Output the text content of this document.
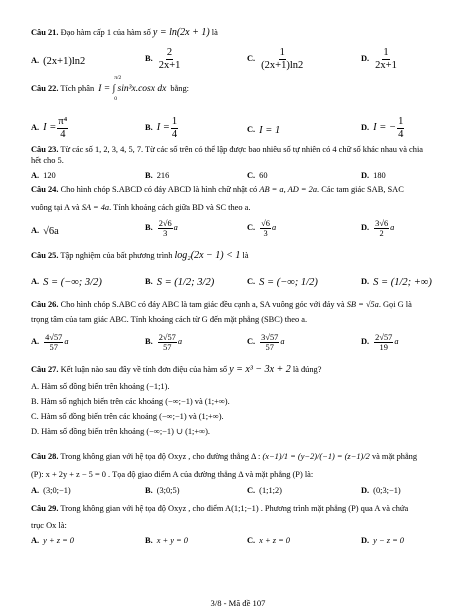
Câu 21. Đạo hàm cấp 1 của hàm số y = ln(2x + 1) là
A. (2x+1)ln2	B. $\frac{2}{2x+1}$	C. $\frac{1}{(2x+1)\ln 2}$	D. $\frac{1}{2x+1}$
Câu 22. Tích phân
π/2
I = ∫ sin³x.cosx dx
0
bằng:
A. $I = \frac{\text{π⁴}}{4}$	B. $I = \frac{1}{4}$	C. I = 1	D. I = − $\frac{1}{4}$
Câu 23. Từ các số 1, 2, 3, 4, 5, 7. Từ các số trên có thể lập được bao nhiêu số tự nhiên có 4 chữ số khác nhau và chia
hết cho 5.
A. 120	B. 216	C. 60	D. 180
Câu 24. Cho hình chóp S.ABCD có đáy ABCD là hình chữ nhật có AB = a, AD = 2a. Các tam giác SAB, SAC
vuông tại A và SA = 4a. Tính khoảng cách giữa BD và SC theo a.
A. √6a	B. $\frac{2√6}{3}$ a	C. $\frac{√6}{3}$ a	D. $\frac{3√6}{2}$ a
Câu 25. Tập nghiệm của bất phương trình log₂(2x − 1) < 1 là
A. S = (−∞; 3/2)	B. S = (1/2; 3/2)	C. S = (−∞; 1/2)	D. S = (1/2; +∞)
Câu 26. Cho hình chóp S.ABC có đáy ABC là tam giác đều cạnh a, SA vuông góc với đáy và SB = √5a. Gọi G là
trọng tâm của tam giác ABC. Tính khoảng cách từ G đến mặt phẳng (SBC) theo a.
A. $\frac{4√57}{57}$ a	B. $\frac{2√57}{57}$ a	C. $\frac{3√57}{57}$ a	D. $\frac{2√57}{19}$ a
Câu 27. Kết luận nào sau đây về tính đơn điệu của hàm số y = x³ − 3x + 2 là đúng?
A. Hàm số đồng biến trên khoảng (−1;1).
B. Hàm số nghịch biến trên các khoảng (−∞;−1) và (1;+∞).
C. Hàm số đồng biến trên các khoảng (−∞;−1) và (1;+∞).
D. Hàm số đồng biến trên khoảng (−∞;−1) ∪ (1;+∞).
Câu 28. Trong không gian với hệ tọa độ Oxyz , cho đường thẳng Δ : (x−1)/1 = (y−2)/(−1) = (z−1)/2 và mặt phẳng
(P): x + 2y + z − 5 = 0 . Tọa độ giao điểm A của đường thẳng Δ và mặt phẳng (P) là:
A. (3;0;−1)	B. (3;0;5)	C. (1;1;2)	D. (0;3;−1)
Câu 29. Trong không gian với hệ tọa độ Oxyz , cho điểm A(1;1;−1) . Phương trình mặt phẳng (P) qua A và chứa
trục Ox là:
A. y + z = 0	B. x + y = 0	C. x + z = 0	D. y − z = 0
3/8 - Mã đề 107
